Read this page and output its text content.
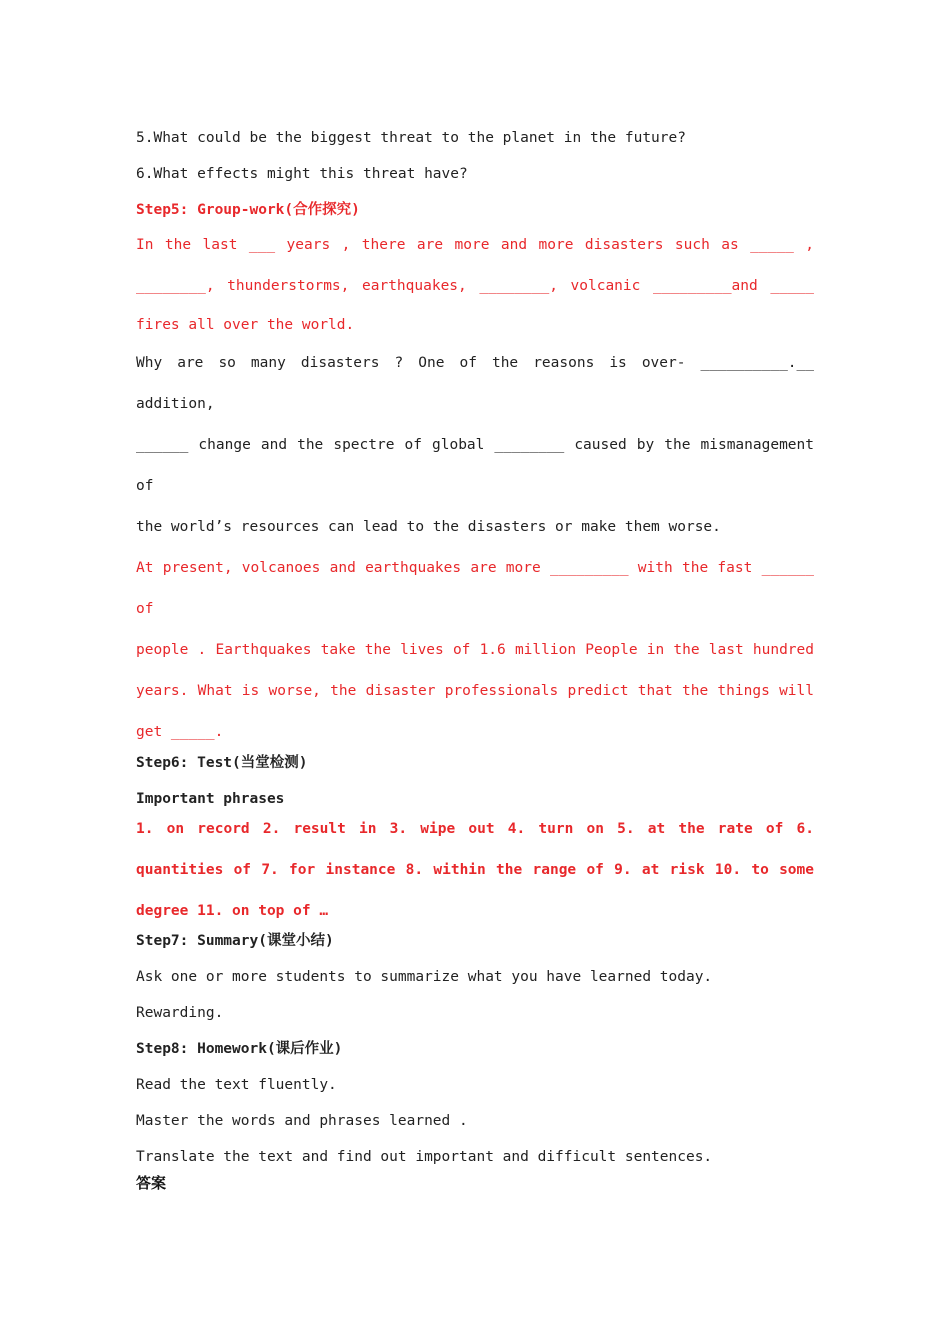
5.What could be the biggest threat to the planet in the future?

6.What effects might this threat have?

Step5: Group-work(合作探究)

In the last ___ years , there are more and more disasters such as _____ ,
________, thunderstorms, earthquakes, ________, volcanic _________and _____
fires all over the world.
Why are so many disasters ? One of the reasons is over- __________.__ addition,
______ change and the spectre of global ________ caused by the mismanagement of
the world’s resources can lead to the disasters or make them worse.
At present, volcanoes and earthquakes are more _________ with the fast ______ of
people . Earthquakes take the lives of 1.6 million People in the last hundred
years. What is worse, the disaster professionals predict that the things will
get _____.

Step6: Test(当堂检测)

Important phrases

1. on record 2. result in 3. wipe out 4. turn on 5. at the rate of 6.
quantities of 7. for instance 8. within the range of 9. at risk 10. to some
degree 11. on top of …

Step7: Summary(课堂小结)

Ask one or more students to summarize what you have learned today.

Rewarding.

Step8: Homework(课后作业)

Read the text fluently.

Master the words and phrases learned .

Translate the text and find out important and difficult sentences.

答案
